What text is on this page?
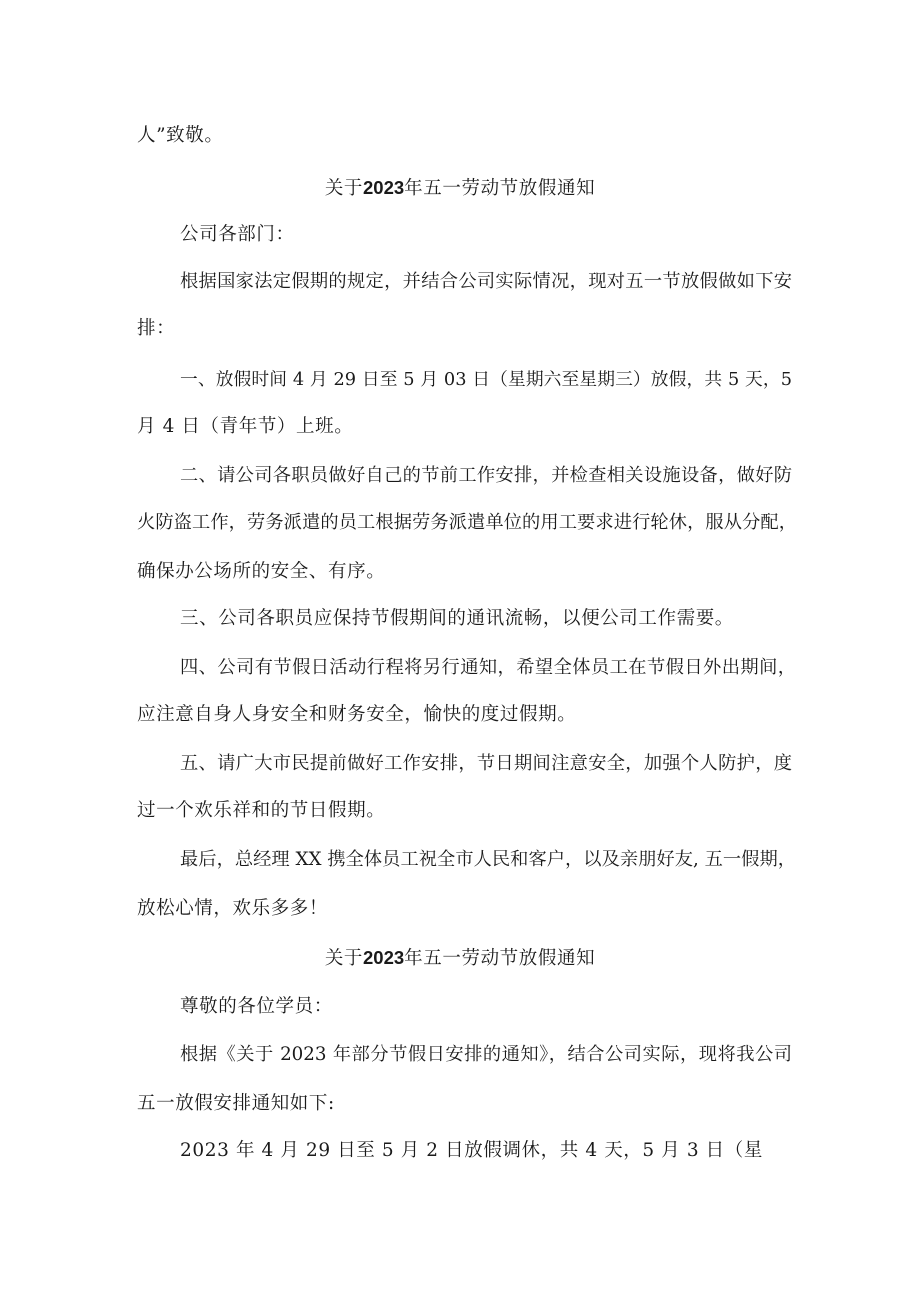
人”致敬。
关于2023年五一劳动节放假通知
公司各部门：
根据国家法定假期的规定，并结合公司实际情况，现对五一节放假做如下安
排：
一、放假时间 4 月 29 日至 5 月 03 日（星期六至星期三）放假，共 5 天，5
月 4 日（青年节）上班。
二、请公司各职员做好自己的节前工作安排，并检查相关设施设备，做好防
火防盗工作，劳务派遣的员工根据劳务派遣单位的用工要求进行轮休，服从分配，
确保办公场所的安全、有序。
三、公司各职员应保持节假期间的通讯流畅，以便公司工作需要。
四、公司有节假日活动行程将另行通知，希望全体员工在节假日外出期间，
应注意自身人身安全和财务安全，愉快的度过假期。
五、请广大市民提前做好工作安排，节日期间注意安全，加强个人防护，度
过一个欢乐祥和的节日假期。
最后，总经理 XX 携全体员工祝全市人民和客户，以及亲朋好友, 五一假期，
放松心情，欢乐多多！
关于2023年五一劳动节放假通知
尊敬的各位学员：
根据《关于 2023 年部分节假日安排的通知》，结合公司实际，现将我公司
五一放假安排通知如下:
2023 年 4 月 29 日至 5 月 2 日放假调休，共 4 天，5 月 3 日（星
